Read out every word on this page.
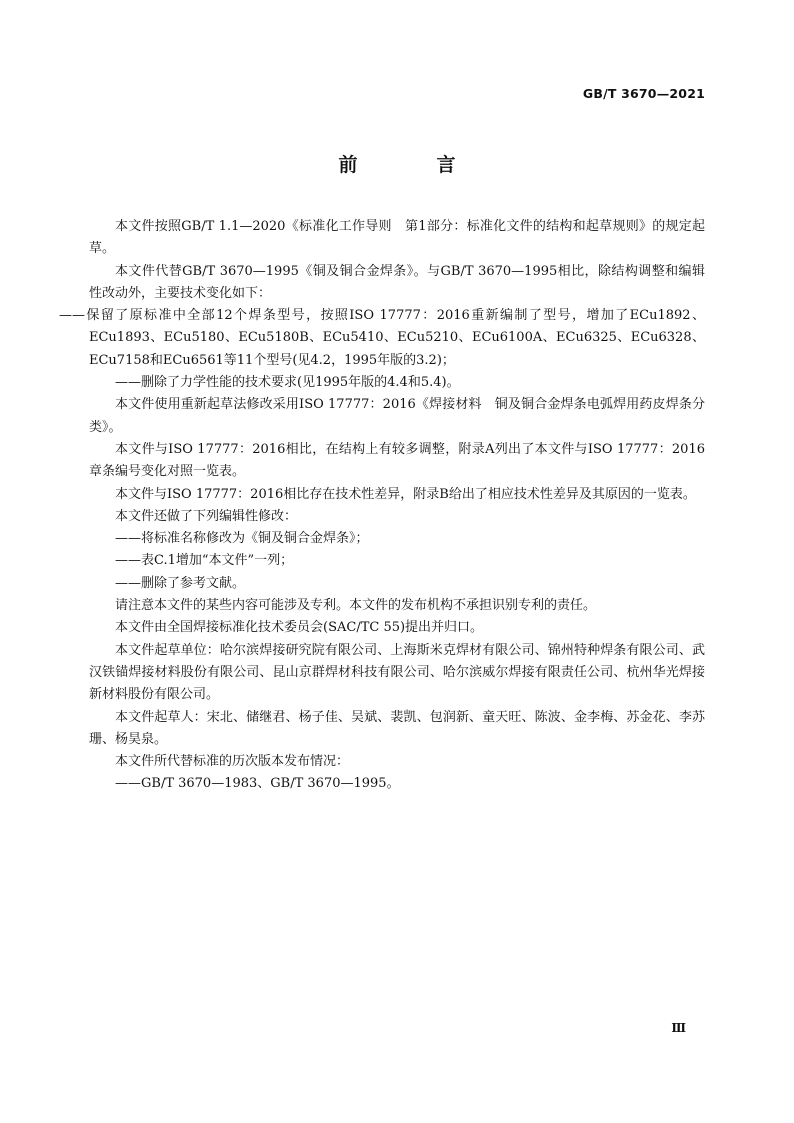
GB/T 3670—2021
前　言

本文件按照GB/T 1.1—2020《标准化工作导则　第1部分：标准化文件的结构和起草规则》的规定起草。

本文件代替GB/T 3670—1995《铜及铜合金焊条》。与GB/T 3670—1995相比，除结构调整和编辑性改动外，主要技术变化如下：

——保留了原标准中全部12个焊条型号，按照ISO 17777：2016重新编制了型号，增加了ECu1892、ECu1893、ECu5180、ECu5180B、ECu5410、ECu5210、ECu6100A、ECu6325、ECu6328、ECu7158和ECu6561等11个型号(见4.2，1995年版的3.2)；

——删除了力学性能的技术要求(见1995年版的4.4和5.4)。

本文件使用重新起草法修改采用ISO 17777：2016《焊接材料　铜及铜合金焊条电弧焊用药皮焊条分类》。

本文件与ISO 17777：2016相比，在结构上有较多调整，附录A列出了本文件与ISO 17777：2016章条编号变化对照一览表。

本文件与ISO 17777：2016相比存在技术性差异，附录B给出了相应技术性差异及其原因的一览表。

本文件还做了下列编辑性修改：

——将标准名称修改为《铜及铜合金焊条》；

——表C.1增加“本文件”一列；

——删除了参考文献。

请注意本文件的某些内容可能涉及专利。本文件的发布机构不承担识别专利的责任。

本文件由全国焊接标准化技术委员会(SAC/TC 55)提出并归口。

本文件起草单位：哈尔滨焊接研究院有限公司、上海斯米克焊材有限公司、锦州特种焊条有限公司、武汉铁锚焊接材料股份有限公司、昆山京群焊材科技有限公司、哈尔滨威尔焊接有限责任公司、杭州华光焊接新材料股份有限公司。

本文件起草人：宋北、储继君、杨子佳、吴斌、裴凯、包润新、童天旺、陈波、金李梅、苏金花、李苏珊、杨昊泉。

本文件所代替标准的历次版本发布情况：

——GB/T 3670—1983、GB/T 3670—1995。

Ⅲ
